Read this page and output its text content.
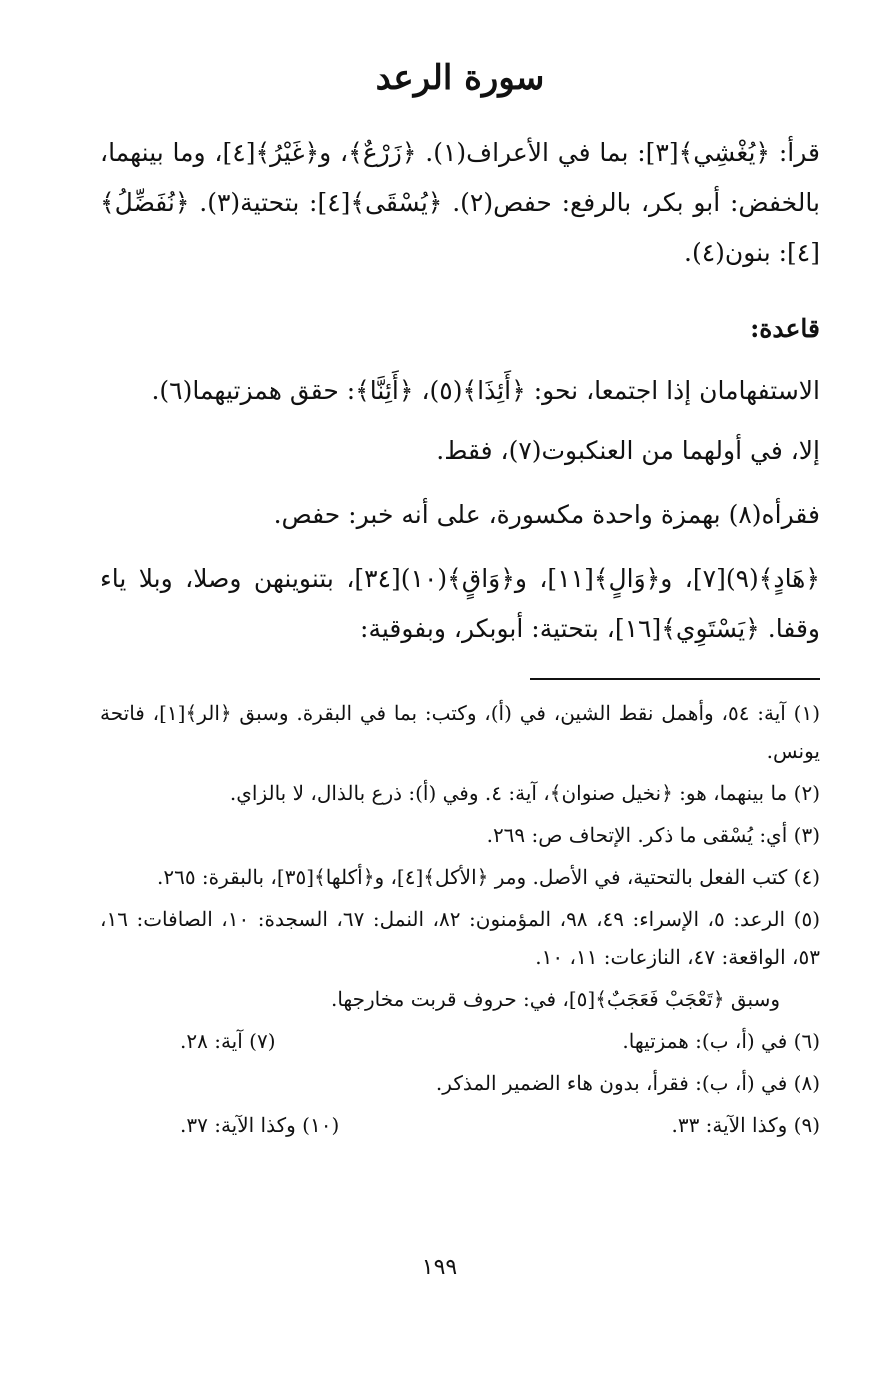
سورة الرعد

قرأ: ﴿يُغْشِي﴾[٣]: بما في الأعراف(١). ﴿زَرْعٌ﴾، و﴿غَيْرُ﴾[٤]، وما بينهما، بالخفض: أبو بكر، بالرفع: حفص(٢). ﴿يُسْقَى﴾[٤]: بتحتية(٣). ﴿نُفَضِّلُ﴾[٤]: بنون(٤).

قاعدة:

الاستفهامان إذا اجتمعا، نحو: ﴿أَئِذَا﴾(٥)، ﴿أَئِنَّا﴾: حقق همزتيهما(٦).

إلا، في أولهما من العنكبوت(٧)، فقط.

فقرأه(٨) بهمزة واحدة مكسورة، على أنه خبر: حفص.

﴿هَادٍ﴾(٩)[٧]، و﴿وَالٍ﴾[١١]، و﴿وَاقٍ﴾(١٠)[٣٤]، بتنوينهن وصلا، وبلا ياء وقفا. ﴿يَسْتَوِي﴾[١٦]، بتحتية: أبوبكر، وبفوقية:

(١) آية: ٥٤، وأهمل نقط الشين، في (أ)، وكتب: بما في البقرة. وسبق ﴿الر﴾[١]، فاتحة يونس.

(٢) ما بينهما، هو: ﴿نخيل صنوان﴾، آية: ٤. وفي (أ): ذرع بالذال، لا بالزاي.

(٣) أي: يُسْقى ما ذكر. الإتحاف ص: ٢٦٩.

(٤) كتب الفعل بالتحتية، في الأصل. ومر ﴿الأكل﴾[٤]، و﴿أكلها﴾[٣٥]، بالبقرة: ٢٦٥.

(٥) الرعد: ٥، الإسراء: ٤٩، ٩٨، المؤمنون: ٨٢، النمل: ٦٧، السجدة: ١٠، الصافات: ١٦، ٥٣، الواقعة: ٤٧، النازعات: ١١، ١٠.

وسبق ﴿تَعْجَبْ فَعَجَبٌ﴾[٥]، في: حروف قربت مخارجها.

(٦) في (أ، ب): همزتيها.
(٧) آية: ٢٨.

(٨) في (أ، ب): فقرأ، بدون هاء الضمير المذكر.

(٩) وكذا الآية: ٣٣.
(١٠) وكذا الآية: ٣٧.

١٩٩
